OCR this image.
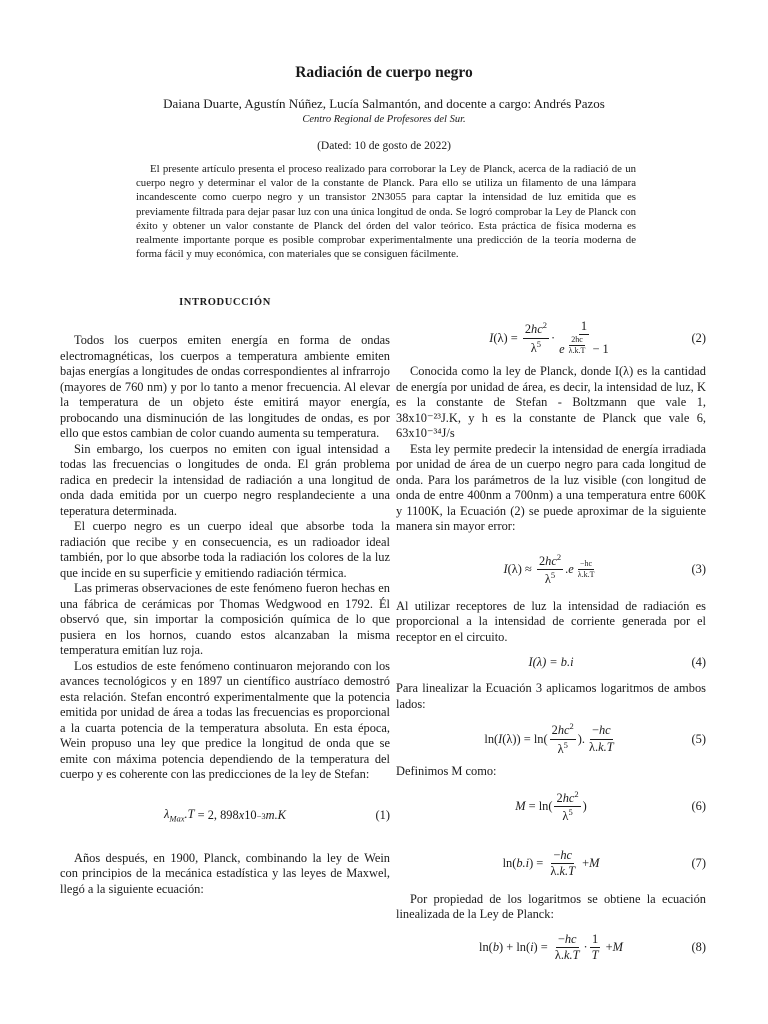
Radiación de cuerpo negro
Daiana Duarte, Agustín Núñez, Lucía Salmantón, and docente a cargo: Andrés Pazos
Centro Regional de Profesores del Sur.
(Dated: 10 de gosto de 2022)

El presente artículo presenta el proceso realizado para corroborar la Ley de Planck, acerca de la radiació de un cuerpo negro y determinar el valor de la constante de Planck. Para ello se utiliza un filamento de una lámpara incandescente como cuerpo negro y un transistor 2N3055 para captar la intensidad de luz emitida que es previamente filtrada para dejar pasar luz con una única longitud de onda. Se logró comprobar la Ley de Planck con éxito y obtener un valor constante de Planck del órden del valor teórico. Esta práctica de física moderna es realmente importante porque es posible comprobar experimentalmente una predicción de la teoría moderna de forma fácil y muy económica, con materiales que se consiguen fácilmente.

INTRODUCCIÓN

Todos los cuerpos emiten energía en forma de ondas electromagnéticas, los cuerpos a temperatura ambiente emiten bajas energías a longitudes de ondas correspondientes al infrarrojo (mayores de 760 nm) y por lo tanto a menor frecuencia. Al elevar la temperatura de un objeto éste emitirá mayor energía, probocando una disminución de las longitudes de ondas, es por ello que estos cambian de color cuando aumenta su temperatura.

Sin embargo, los cuerpos no emiten con igual intensidad a todas las frecuencias o longitudes de onda. El grán problema radica en predecir la intensidad de radiación a una longitud de onda dada emitida por un cuerpo negro resplandeciente a una teperatura determinada.

El cuerpo negro es un cuerpo ideal que absorbe toda la radiación que recibe y en consecuencia, es un radioador ideal también, por lo que absorbe toda la radiación los colores de la luz que incide en su superficie y emitiendo radiación térmica.

Las primeras observaciones de este fenómeno fueron hechas en una fábrica de cerámicas por Thomas Wedgwood en 1792. Él observó que, sin importar la composición química de lo que pusiera en los hornos, cuando estos alcanzaban la misma temperatura emitían luz roja.

Los estudios de este fenómeno continuaron mejorando con los avances tecnológicos y en 1897 un científico austríaco demostró esta relación. Stefan encontró experimentalmente que la potencia emitida por unidad de área a todas las frecuencias es proporcional a la cuarta potencia de la temperatura absoluta. En esta época, Wein propuso una ley que predice la longitud de onda que se emite con máxima potencia dependiendo de la temperatura del cuerpo y es coherente con las predicciones de la ley de Stefan:

$\lambda_{Max}.T = 2$, 898 x 10 −3 m.K	(1)

Años después, en 1900, Planck, combinando la ley de Wein con principios de la mecánica estadística y las leyes de Maxwel, llegó a la siguiente ecuación:

I $(\lambda) = \frac{2hc^2}{\lambda^5} \cdot 1$
e $^{\frac{2hc}{\lambda.k.T}}$ − 1	(2)

Conocida como la ley de Planck, donde I(λ) es la cantidad de energía por unidad de área, es decir, la intensidad de luz, K es la constante de Stefan - Boltzmann que vale 1, 38x10⁻²³J.K, y h es la constante de Planck que vale 6, 63x10⁻³⁴J/s

Esta ley permite predecir la intensidad de energía irradiada por unidad de área de un cuerpo negro para cada longitud de onda. Para los parámetros de la luz visible (con longitud de onda de entre 400nm a 700nm) a una temperatura entre 600K y 1100K, la Ecuación (2) se puede aproximar de la siguiente manera sin mayor error:

I $(\lambda) \approx \frac{2hc^2}{\lambda^5}$ . e $\frac{-hc}{\lambda.k.T}$	(3)

Al utilizar receptores de luz la intensidad de radiación es proporcional a la intensidad de corriente generada por el receptor en el circuito.

I(λ) = b.i	(4)

Para linealizar la Ecuación 3 aplicamos logaritmos de ambos lados:

ln( I $(\lambda)) = \ln( \frac{2hc^2}{\lambda^5}$ ). $\frac{-hc}{\lambda.k.T}$	(5)

Definimos M como:

$M = \ln( \frac{2hc^2}{\lambda^5}$ )	(6)
ln( b.i ) = $\frac{-hc}{\lambda.k.T} + M$	(7)

Por propiedad de los logaritmos se obtiene la ecuación linealizada de la Ley de Planck:

ln( b ) + ln( i ) = $\frac{-hc}{\lambda.k.T} \cdot \frac{1}{T} + M$	(8)
